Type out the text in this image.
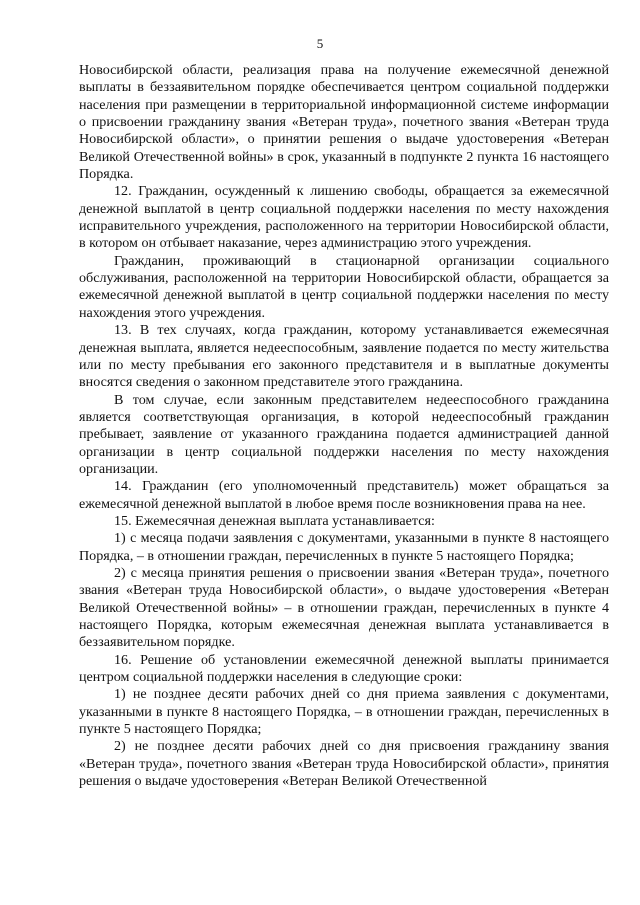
5

Новосибирской области, реализация права на получение ежемесячной денежной выплаты в беззаявительном порядке обеспечивается центром социальной поддержки населения при размещении в территориальной информационной системе информации о присвоении гражданину звания «Ветеран труда», почетного звания «Ветеран труда Новосибирской области», о принятии решения о выдаче удостоверения «Ветеран Великой Отечественной войны» в срок, указанный в подпункте 2 пункта 16 настоящего Порядка.

12. Гражданин, осужденный к лишению свободы, обращается за ежемесячной денежной выплатой в центр социальной поддержки населения по месту нахождения исправительного учреждения, расположенного на территории Новосибирской области, в котором он отбывает наказание, через администрацию этого учреждения.

Гражданин, проживающий в стационарной организации социального обслуживания, расположенной на территории Новосибирской области, обращается за ежемесячной денежной выплатой в центр социальной поддержки населения по месту нахождения этого учреждения.

13. В тех случаях, когда гражданин, которому устанавливается ежемесячная денежная выплата, является недееспособным, заявление подается по месту жительства или по месту пребывания его законного представителя и в выплатные документы вносятся сведения о законном представителе этого гражданина.

В том случае, если законным представителем недееспособного гражданина является соответствующая организация, в которой недееспособный гражданин пребывает, заявление от указанного гражданина подается администрацией данной организации в центр социальной поддержки населения по месту нахождения организации.

14. Гражданин (его уполномоченный представитель) может обращаться за ежемесячной денежной выплатой в любое время после возникновения права на нее.

15. Ежемесячная денежная выплата устанавливается:

1) с месяца подачи заявления с документами, указанными в пункте 8 настоящего Порядка, – в отношении граждан, перечисленных в пункте 5 настоящего Порядка;

2) с месяца принятия решения о присвоении звания «Ветеран труда», почетного звания «Ветеран труда Новосибирской области», о выдаче удостоверения «Ветеран Великой Отечественной войны» – в отношении граждан, перечисленных в пункте 4 настоящего Порядка, которым ежемесячная денежная выплата устанавливается в беззаявительном порядке.

16. Решение об установлении ежемесячной денежной выплаты принимается центром социальной поддержки населения в следующие сроки:

1) не позднее десяти рабочих дней со дня приема заявления с документами, указанными в пункте 8 настоящего Порядка, – в отношении граждан, перечисленных в пункте 5 настоящего Порядка;

2) не позднее десяти рабочих дней со дня присвоения гражданину звания «Ветеран труда», почетного звания «Ветеран труда Новосибирской области», принятия решения о выдаче удостоверения «Ветеран Великой Отечественной
